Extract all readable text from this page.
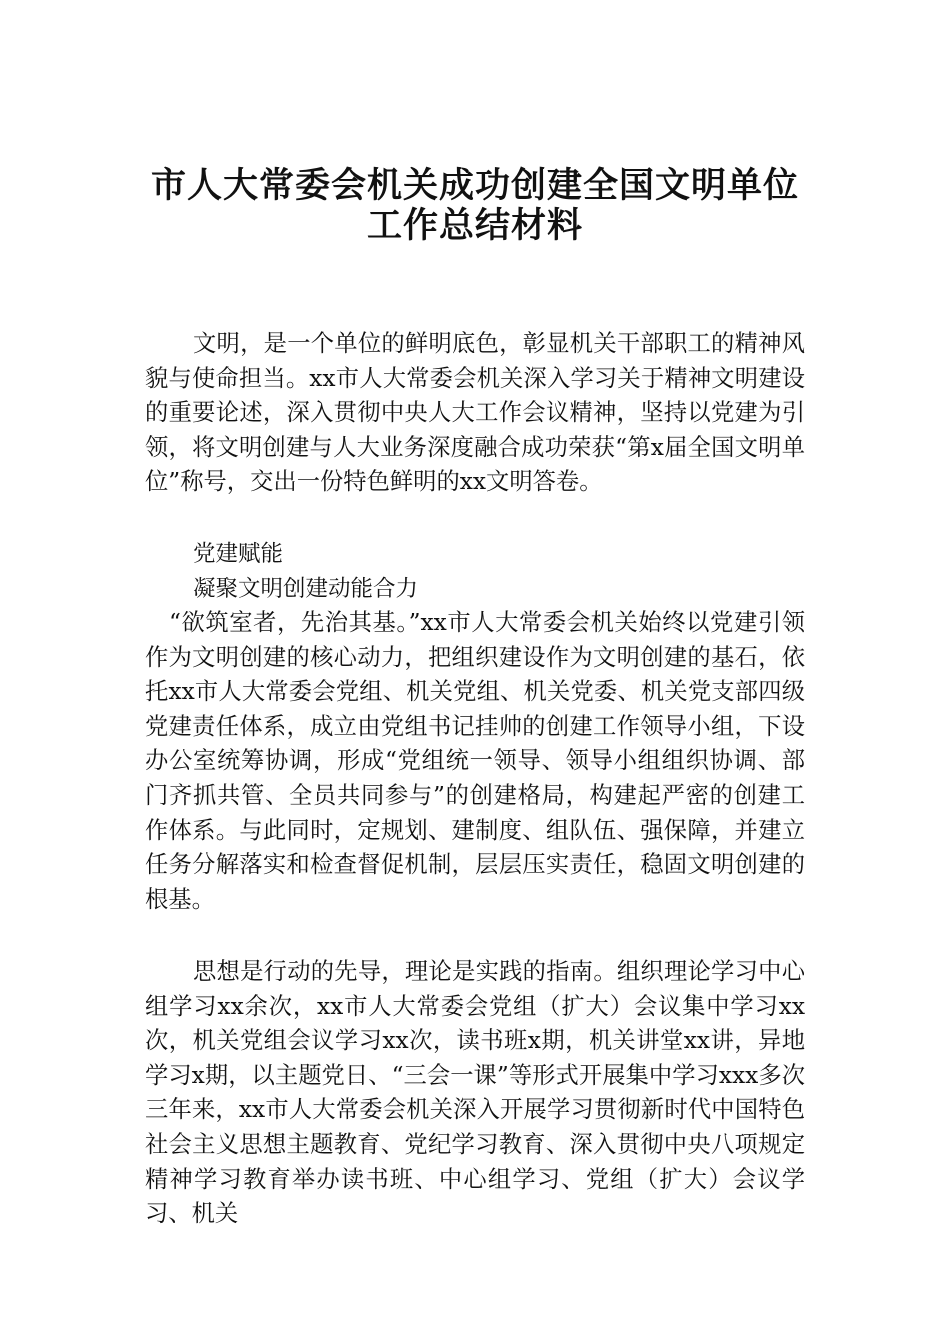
市人大常委会机关成功创建全国文明单位
工作总结材料

文明，是一个单位的鲜明底色，彰显机关干部职工的精神风貌与使命担当。xx市人大常委会机关深入学习关于精神文明建设的重要论述，深入贯彻中央人大工作会议精神，坚持以党建为引领，将文明创建与人大业务深度融合成功荣获“第x届全国文明单位”称号，交出一份特色鲜明的xx文明答卷。

党建赋能

凝聚文明创建动能合力

“欲筑室者，先治其基。”xx市人大常委会机关始终以党建引领作为文明创建的核心动力，把组织建设作为文明创建的基石，依托xx市人大常委会党组、机关党组、机关党委、机关党支部四级党建责任体系，成立由党组书记挂帅的创建工作领导小组，下设办公室统筹协调，形成“党组统一领导、领导小组组织协调、部门齐抓共管、全员共同参与”的创建格局，构建起严密的创建工作体系。与此同时，定规划、建制度、组队伍、强保障，并建立任务分解落实和检查督促机制，层层压实责任，稳固文明创建的根基。

思想是行动的先导，理论是实践的指南。组织理论学习中心组学习xx余次，xx市人大常委会党组（扩大）会议集中学习xx次，机关党组会议学习xx次，读书班x期，机关讲堂xx讲，异地学习x期，以主题党日、“三会一课”等形式开展集中学习xxx多次三年来，xx市人大常委会机关深入开展学习贯彻新时代中国特色社会主义思想主题教育、党纪学习教育、深入贯彻中央八项规定精神学习教育举办读书班、中心组学习、党组（扩大）会议学习、机关
